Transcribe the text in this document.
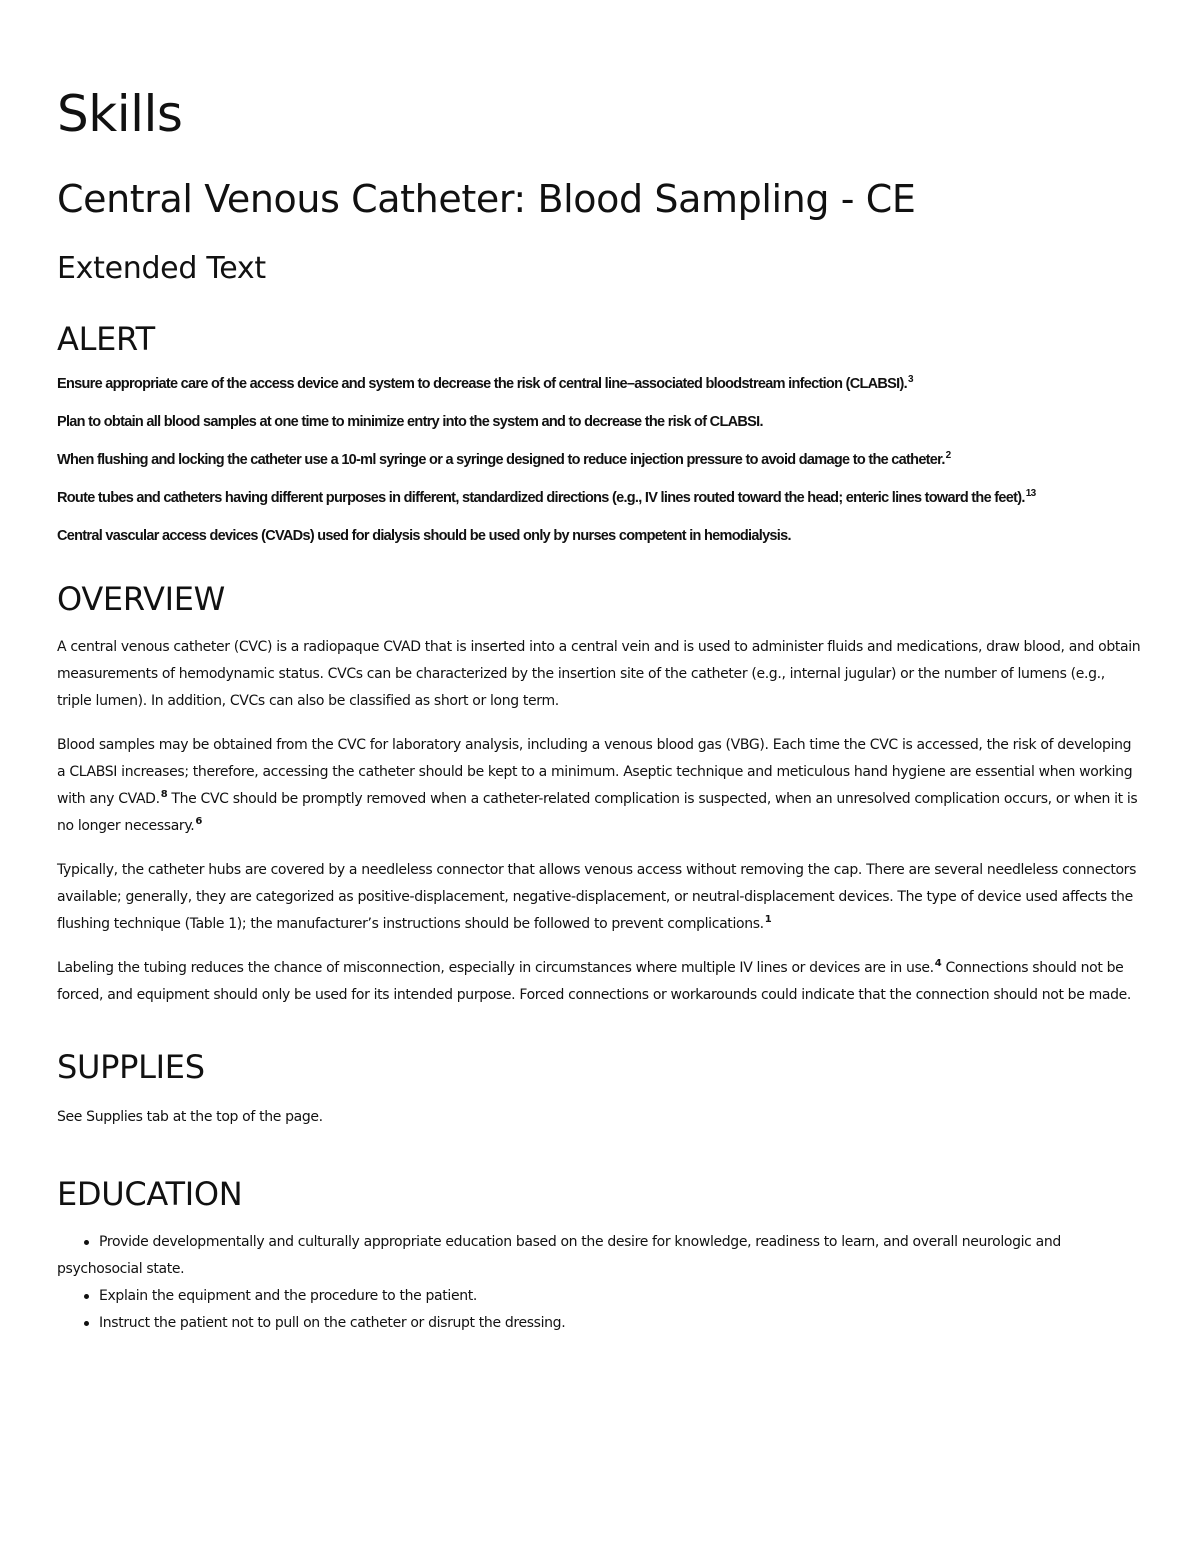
Skills
Central Venous Catheter: Blood Sampling - CE
Extended Text
ALERT

Ensure appropriate care of the access device and system to decrease the risk of central line–associated bloodstream infection (CLABSI).$^3$

Plan to obtain all blood samples at one time to minimize entry into the system and to decrease the risk of CLABSI.

When flushing and locking the catheter use a 10-ml syringe or a syringe designed to reduce injection pressure to avoid damage to the catheter.$^2$

Route tubes and catheters having different purposes in different, standardized directions (e.g., IV lines routed toward the head; enteric lines toward the feet).$^{13}$

Central vascular access devices (CVADs) used for dialysis should be used only by nurses competent in hemodialysis.

OVERVIEW

A central venous catheter (CVC) is a radiopaque CVAD that is inserted into a central vein and is used to administer fluids and medications, draw blood, and obtain measurements of hemodynamic status. CVCs can be characterized by the insertion site of the catheter (e.g., internal jugular) or the number of lumens (e.g., triple lumen). In addition, CVCs can also be classified as short or long term.

Blood samples may be obtained from the CVC for laboratory analysis, including a venous blood gas (VBG). Each time the CVC is accessed, the risk of developing a CLABSI increases; therefore, accessing the catheter should be kept to a minimum. Aseptic technique and meticulous hand hygiene are essential when working with any CVAD.$^8$ The CVC should be promptly removed when a catheter-related complication is suspected, when an unresolved complication occurs, or when it is no longer necessary.$^6$

Typically, the catheter hubs are covered by a needleless connector that allows venous access without removing the cap. There are several needleless connectors available; generally, they are categorized as positive-displacement, negative-displacement, or neutral-displacement devices. The type of device used affects the flushing technique (Table 1); the manufacturer’s instructions should be followed to prevent complications.$^1$

Labeling the tubing reduces the chance of misconnection, especially in circumstances where multiple IV lines or devices are in use.$^4$ Connections should not be forced, and equipment should only be used for its intended purpose. Forced connections or workarounds could indicate that the connection should not be made.

SUPPLIES

See Supplies tab at the top of the page.

EDUCATION
Provide developmentally and culturally appropriate education based on the desire for knowledge, readiness to learn, and overall neurologic and psychosocial state.
Explain the equipment and the procedure to the patient.
Instruct the patient not to pull on the catheter or disrupt the dressing.
